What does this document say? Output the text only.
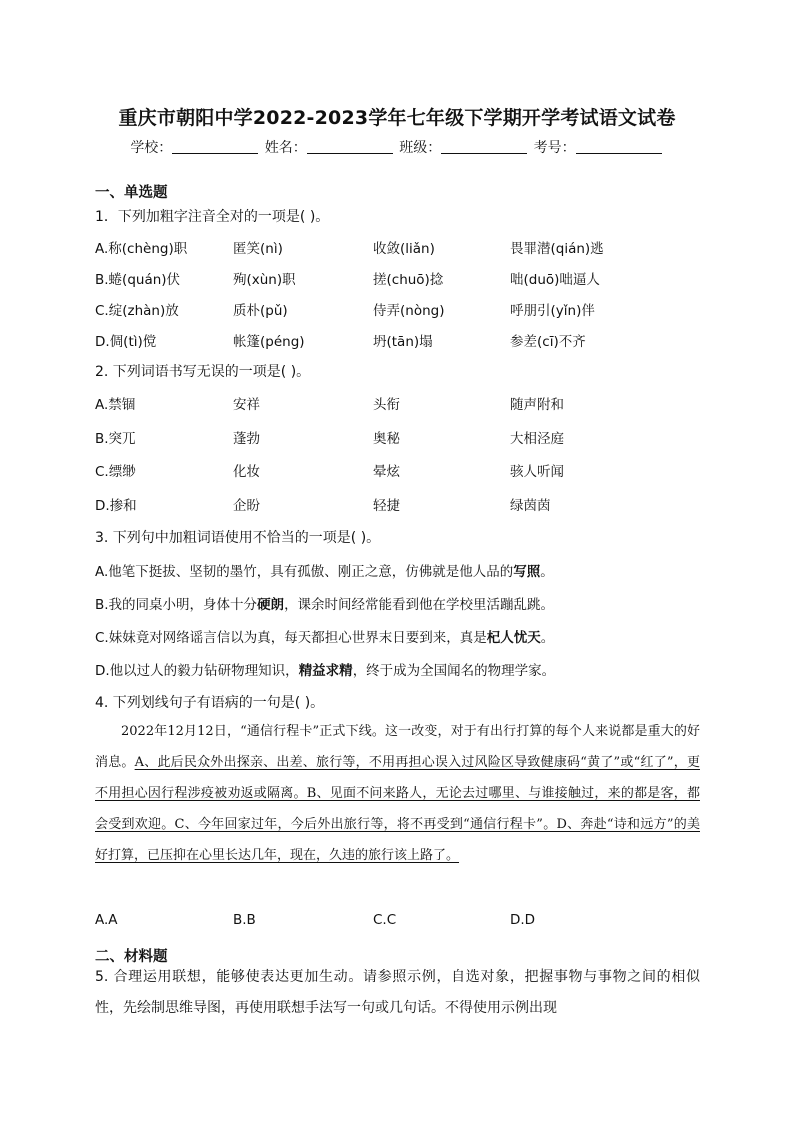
重庆市朝阳中学2022-2023学年七年级下学期开学考试语文试卷
学校：	姓名：	班级：	考号：
一、单选题
1．下列加粗字注音全对的一项是( )。
A.称(chèng)职	匿笑(nì)	收敛(liǎn)	畏罪潜(qián)逃
B.蜷(quán)伏	殉(xùn)职	搓(chuō)捻	咄(duō)咄逼人
C.绽(zhàn)放	质朴(pǔ)	侍弄(nòng)	呼朋引(yǐn)伴
D.倜(tì)傥	帐篷(péng)	坍(tān)塌	参差(cī)不齐
2. 下列词语书写无误的一项是( )。
A.禁锢	安祥	头衔	随声附和
B.突兀	蓬勃	奥秘	大相泾庭
C.缥缈	化妆	晕炫	骇人听闻
D.掺和	企盼	轻捷	绿茵茵
3. 下列句中加粗词语使用不恰当的一项是( )。
A.他笔下挺拔、坚韧的墨竹，具有孤傲、刚正之意，仿佛就是他人品的写照。
B.我的同桌小明，身体十分硬朗，课余时间经常能看到他在学校里活蹦乱跳。
C.妹妹竟对网络谣言信以为真，每天都担心世界末日要到来，真是杞人忧天。
D.他以过人的毅力钻研物理知识，精益求精，终于成为全国闻名的物理学家。
4. 下列划线句子有语病的一句是( )。

2022年12月12日，“通信行程卡”正式下线。这一改变，对于有出行打算的每个人来说都是重大的好消息。A、此后民众外出探亲、出差、旅行等，不用再担心误入过风险区导致健康码“黄了”或“红了”，更不用担心因行程涉疫被劝返或隔离。B、见面不问来路人，无论去过哪里、与谁接触过，来的都是客，都会受到欢迎。C、今年回家过年，今后外出旅行等，将不再受到“通信行程卡”。D、奔赴“诗和远方”的美好打算，已压抑在心里长达几年，现在，久违的旅行该上路了。

A.A	B.B	C.C	D.D
二、材料题
5. 合理运用联想，能够使表达更加生动。请参照示例，自选对象，把握事物与事物之间的相似性，先绘制思维导图，再使用联想手法写一句或几句话。不得使用示例出现
